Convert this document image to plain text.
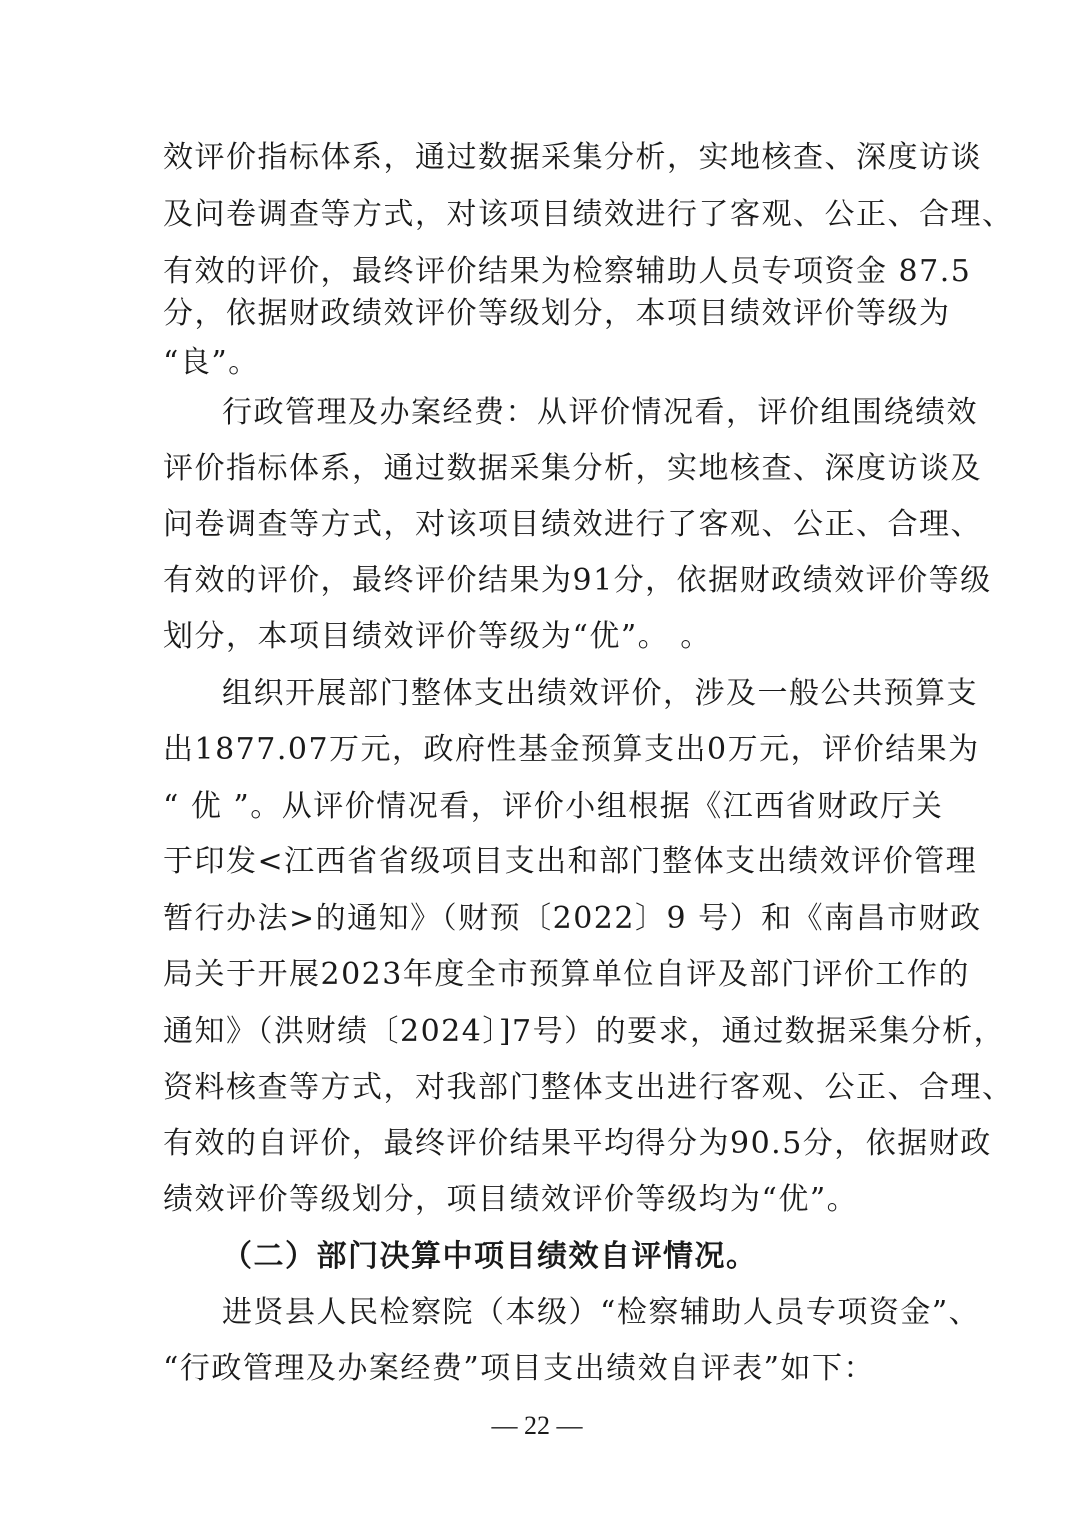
效评价指标体系，通过数据采集分析，实地核查、深度访谈
及问卷调查等方式，对该项目绩效进行了客观、公正、合理、
有效的评价，最终评价结果为检察辅助人员专项资金 87.5
分，依据财政绩效评价等级划分，本项目绩效评价等级为
“良”。
行政管理及办案经费：从评价情况看，评价组围绕绩效
评价指标体系，通过数据采集分析，实地核查、深度访谈及
问卷调查等方式，对该项目绩效进行了客观、公正、合理、
有效的评价，最终评价结果为91分，依据财政绩效评价等级
划分，本项目绩效评价等级为“优”。 。
组织开展部门整体支出绩效评价，涉及一般公共预算支
出1877.07万元，政府性基金预算支出0万元，评价结果为
“ 优 ”。从评价情况看，评价小组根据《江西省财政厅关
于印发<江西省省级项目支出和部门整体支出绩效评价管理
暂行办法>的通知》（财预〔2022〕9 号）和《南昌市财政
局关于开展2023年度全市预算单位自评及部门评价工作的
通知》（洪财绩〔2024〕]7号）的要求，通过数据采集分析，
资料核查等方式，对我部门整体支出进行客观、公正、合理、
有效的自评价，最终评价结果平均得分为90.5分，依据财政
绩效评价等级划分，项目绩效评价等级均为“优”。
（二）部门决算中项目绩效自评情况。
进贤县人民检察院（本级）“检察辅助人员专项资金”、
“行政管理及办案经费”项目支出绩效自评表”如下：
— 22 —
